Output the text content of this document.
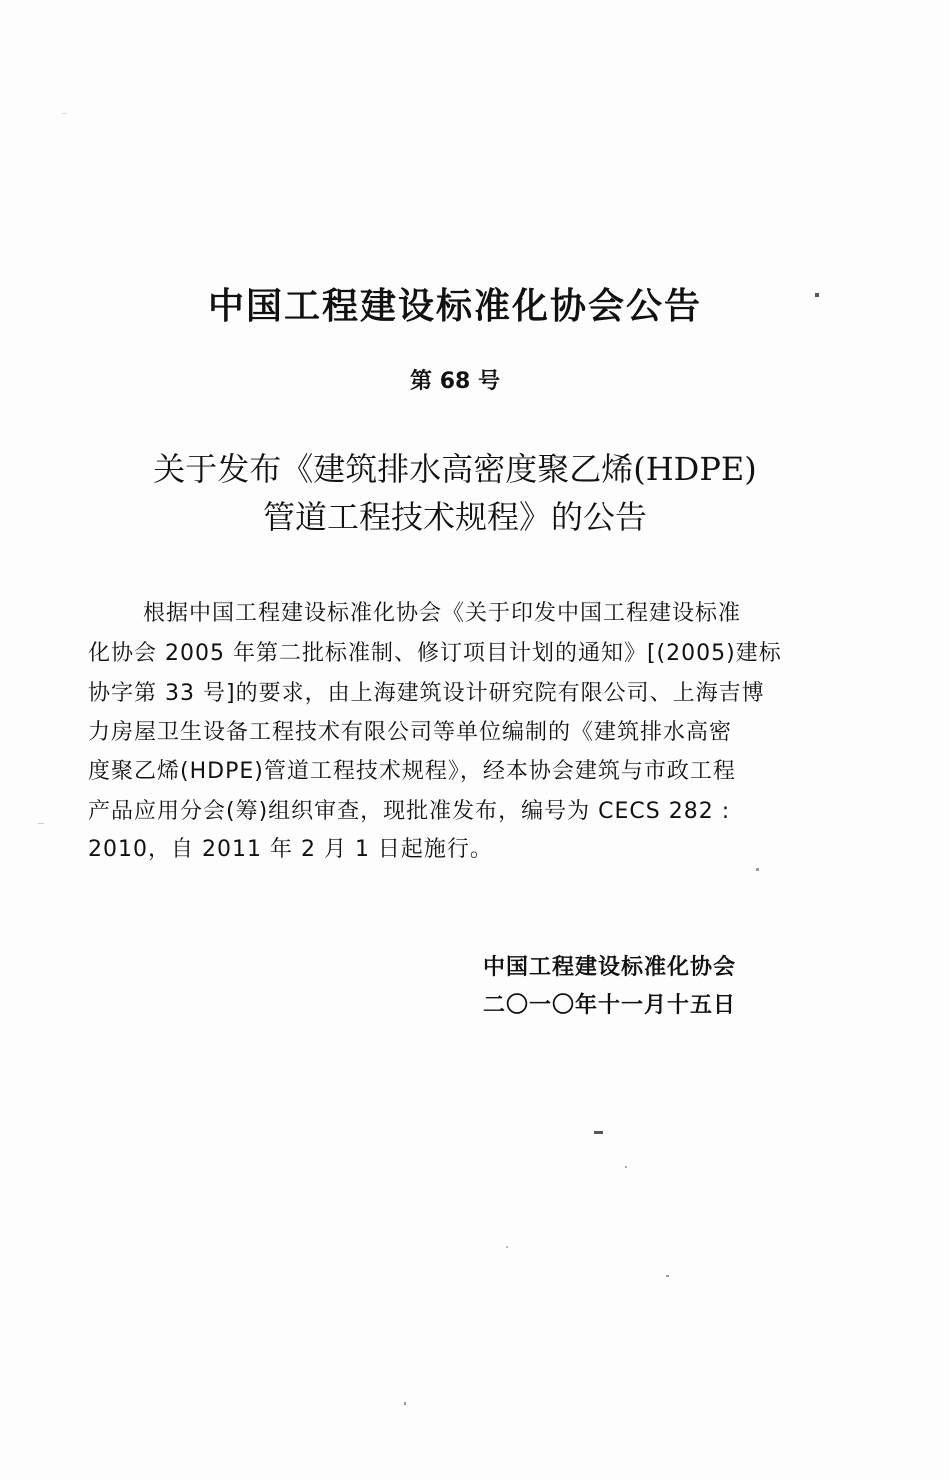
中国工程建设标准化协会公告
第 68 号
关于发布《建筑排水高密度聚乙烯(HDPE)
管道工程技术规程》的公告
根据中国工程建设标准化协会《关于印发中国工程建设标准
化协会 2005 年第二批标准制、修订项目计划的通知》[(2005)建标
协字第 33 号]的要求，由上海建筑设计研究院有限公司、上海吉博
力房屋卫生设备工程技术有限公司等单位编制的《建筑排水高密
度聚乙烯(HDPE)管道工程技术规程》，经本协会建筑与市政工程
产品应用分会(筹)组织审查，现批准发布，编号为 CECS 282 :
2010，自 2011 年 2 月 1 日起施行。
中国工程建设标准化协会
二〇一〇年十一月十五日
